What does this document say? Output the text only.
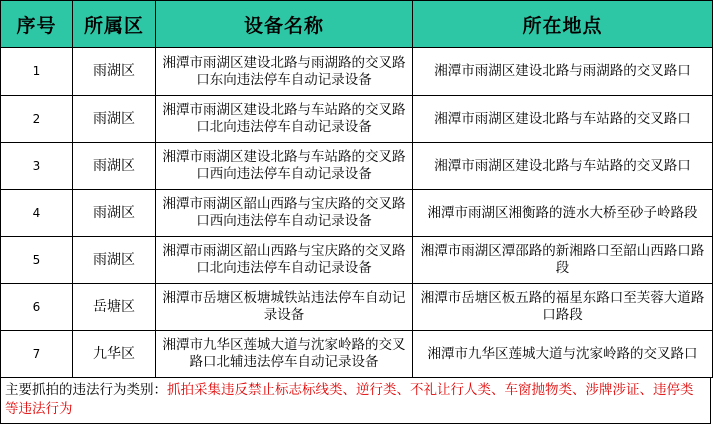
序号	所属区	设备名称	所在地点
1	雨湖区	湘潭市雨湖区建设北路与雨湖路的交叉路口东向违法停车自动记录设备	湘潭市雨湖区建设北路与雨湖路的交叉路口
2	雨湖区	湘潭市雨湖区建设北路与车站路的交叉路口北向违法停车自动记录设备	湘潭市雨湖区建设北路与车站路的交叉路口
3	雨湖区	湘潭市雨湖区建设北路与车站路的交叉路口西向违法停车自动记录设备	湘潭市雨湖区建设北路与车站路的交叉路口
4	雨湖区	湘潭市雨湖区韶山西路与宝庆路的交叉路口西向违法停车自动记录设备	湘潭市雨湖区湘衡路的涟水大桥至砂子岭路段
5	雨湖区	湘潭市雨湖区韶山西路与宝庆路的交叉路口北向违法停车自动记录设备	湘潭市雨湖区潭邵路的新湘路口至韶山西路口路段
6	岳塘区	湘潭市岳塘区板塘城铁站违法停车自动记录设备	湘潭市岳塘区板五路的福星东路口至芙蓉大道路口路段
7	九华区	湘潭市九华区莲城大道与沈家岭路的交叉路口北辅违法停车自动记录设备	湘潭市九华区莲城大道与沈家岭路的交叉路口
主要抓拍的违法行为类别：抓拍采集违反禁止标志标线类、逆行类、不礼让行人类、车窗抛物类、涉牌涉证、违停类等违法行为
